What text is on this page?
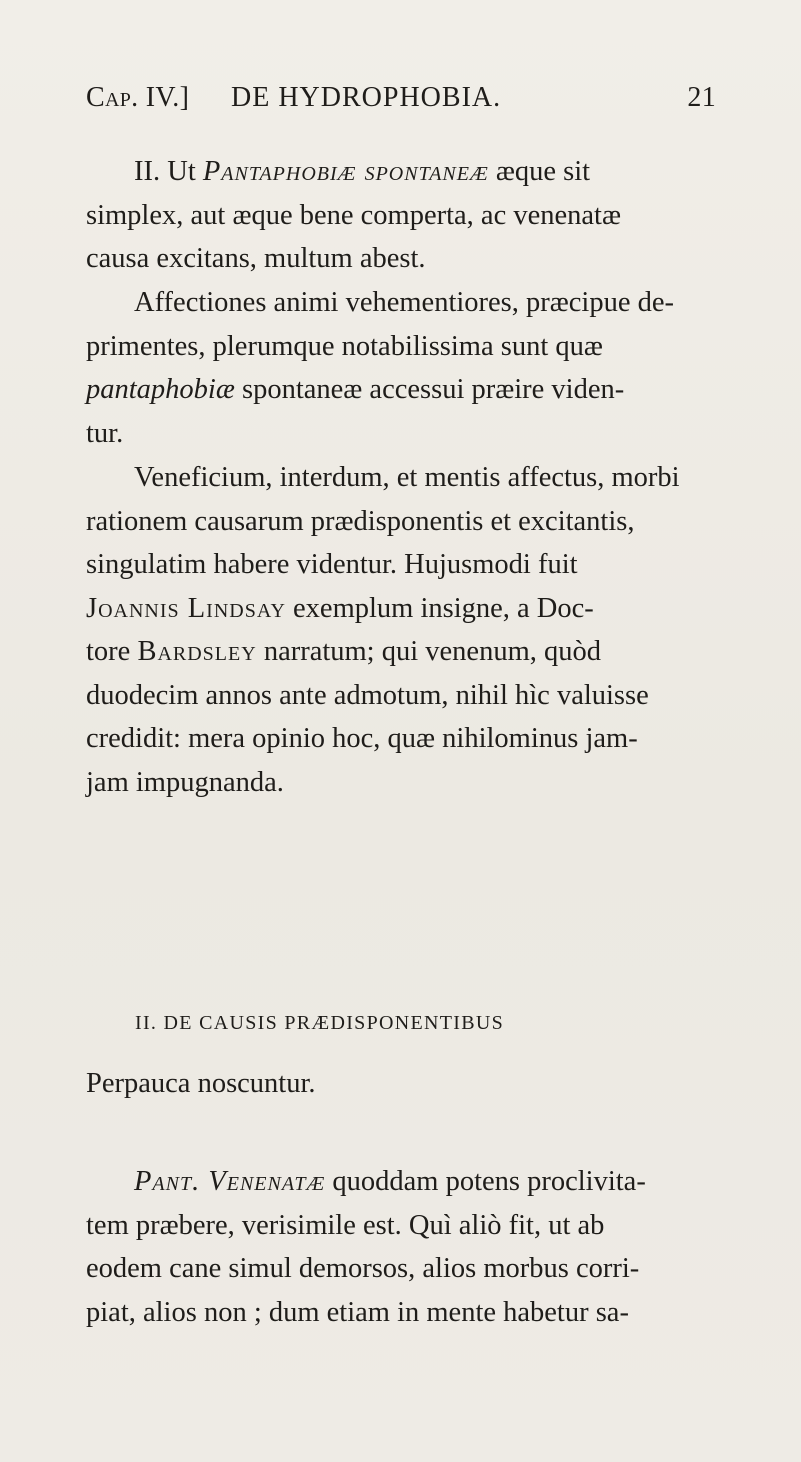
Cap. IV.] DE HYDROPHOBIA.	21
II. Ut Pantaphobiæ spontaneæ æque sit
simplex, aut æque bene comperta, ac venenatæ
causa excitans, multum abest.
Affectiones animi vehementiores, præcipue de-
primentes, plerumque notabilissima sunt quæ
pantaphobiæ spontaneæ accessui præire viden-
tur.
Veneficium, interdum, et mentis affectus, morbi
rationem causarum prædisponentis et excitantis,
singulatim habere videntur. Hujusmodi fuit
Joannis Lindsay exemplum insigne, a Doc-
tore Bardsley narratum; qui venenum, quòd
duodecim annos ante admotum, nihil hìc valuisse
credidit: mera opinio hoc, quæ nihilominus jam-
jam impugnanda.
II. DE CAUSIS PRÆDISPONENTIBUS
Perpauca noscuntur.
Pant. Venenatæ quoddam potens proclivita-
tem præbere, verisimile est. Quì aliò fit, ut ab
eodem cane simul demorsos, alios morbus corri-
piat, alios non ; dum etiam in mente habetur sa-
